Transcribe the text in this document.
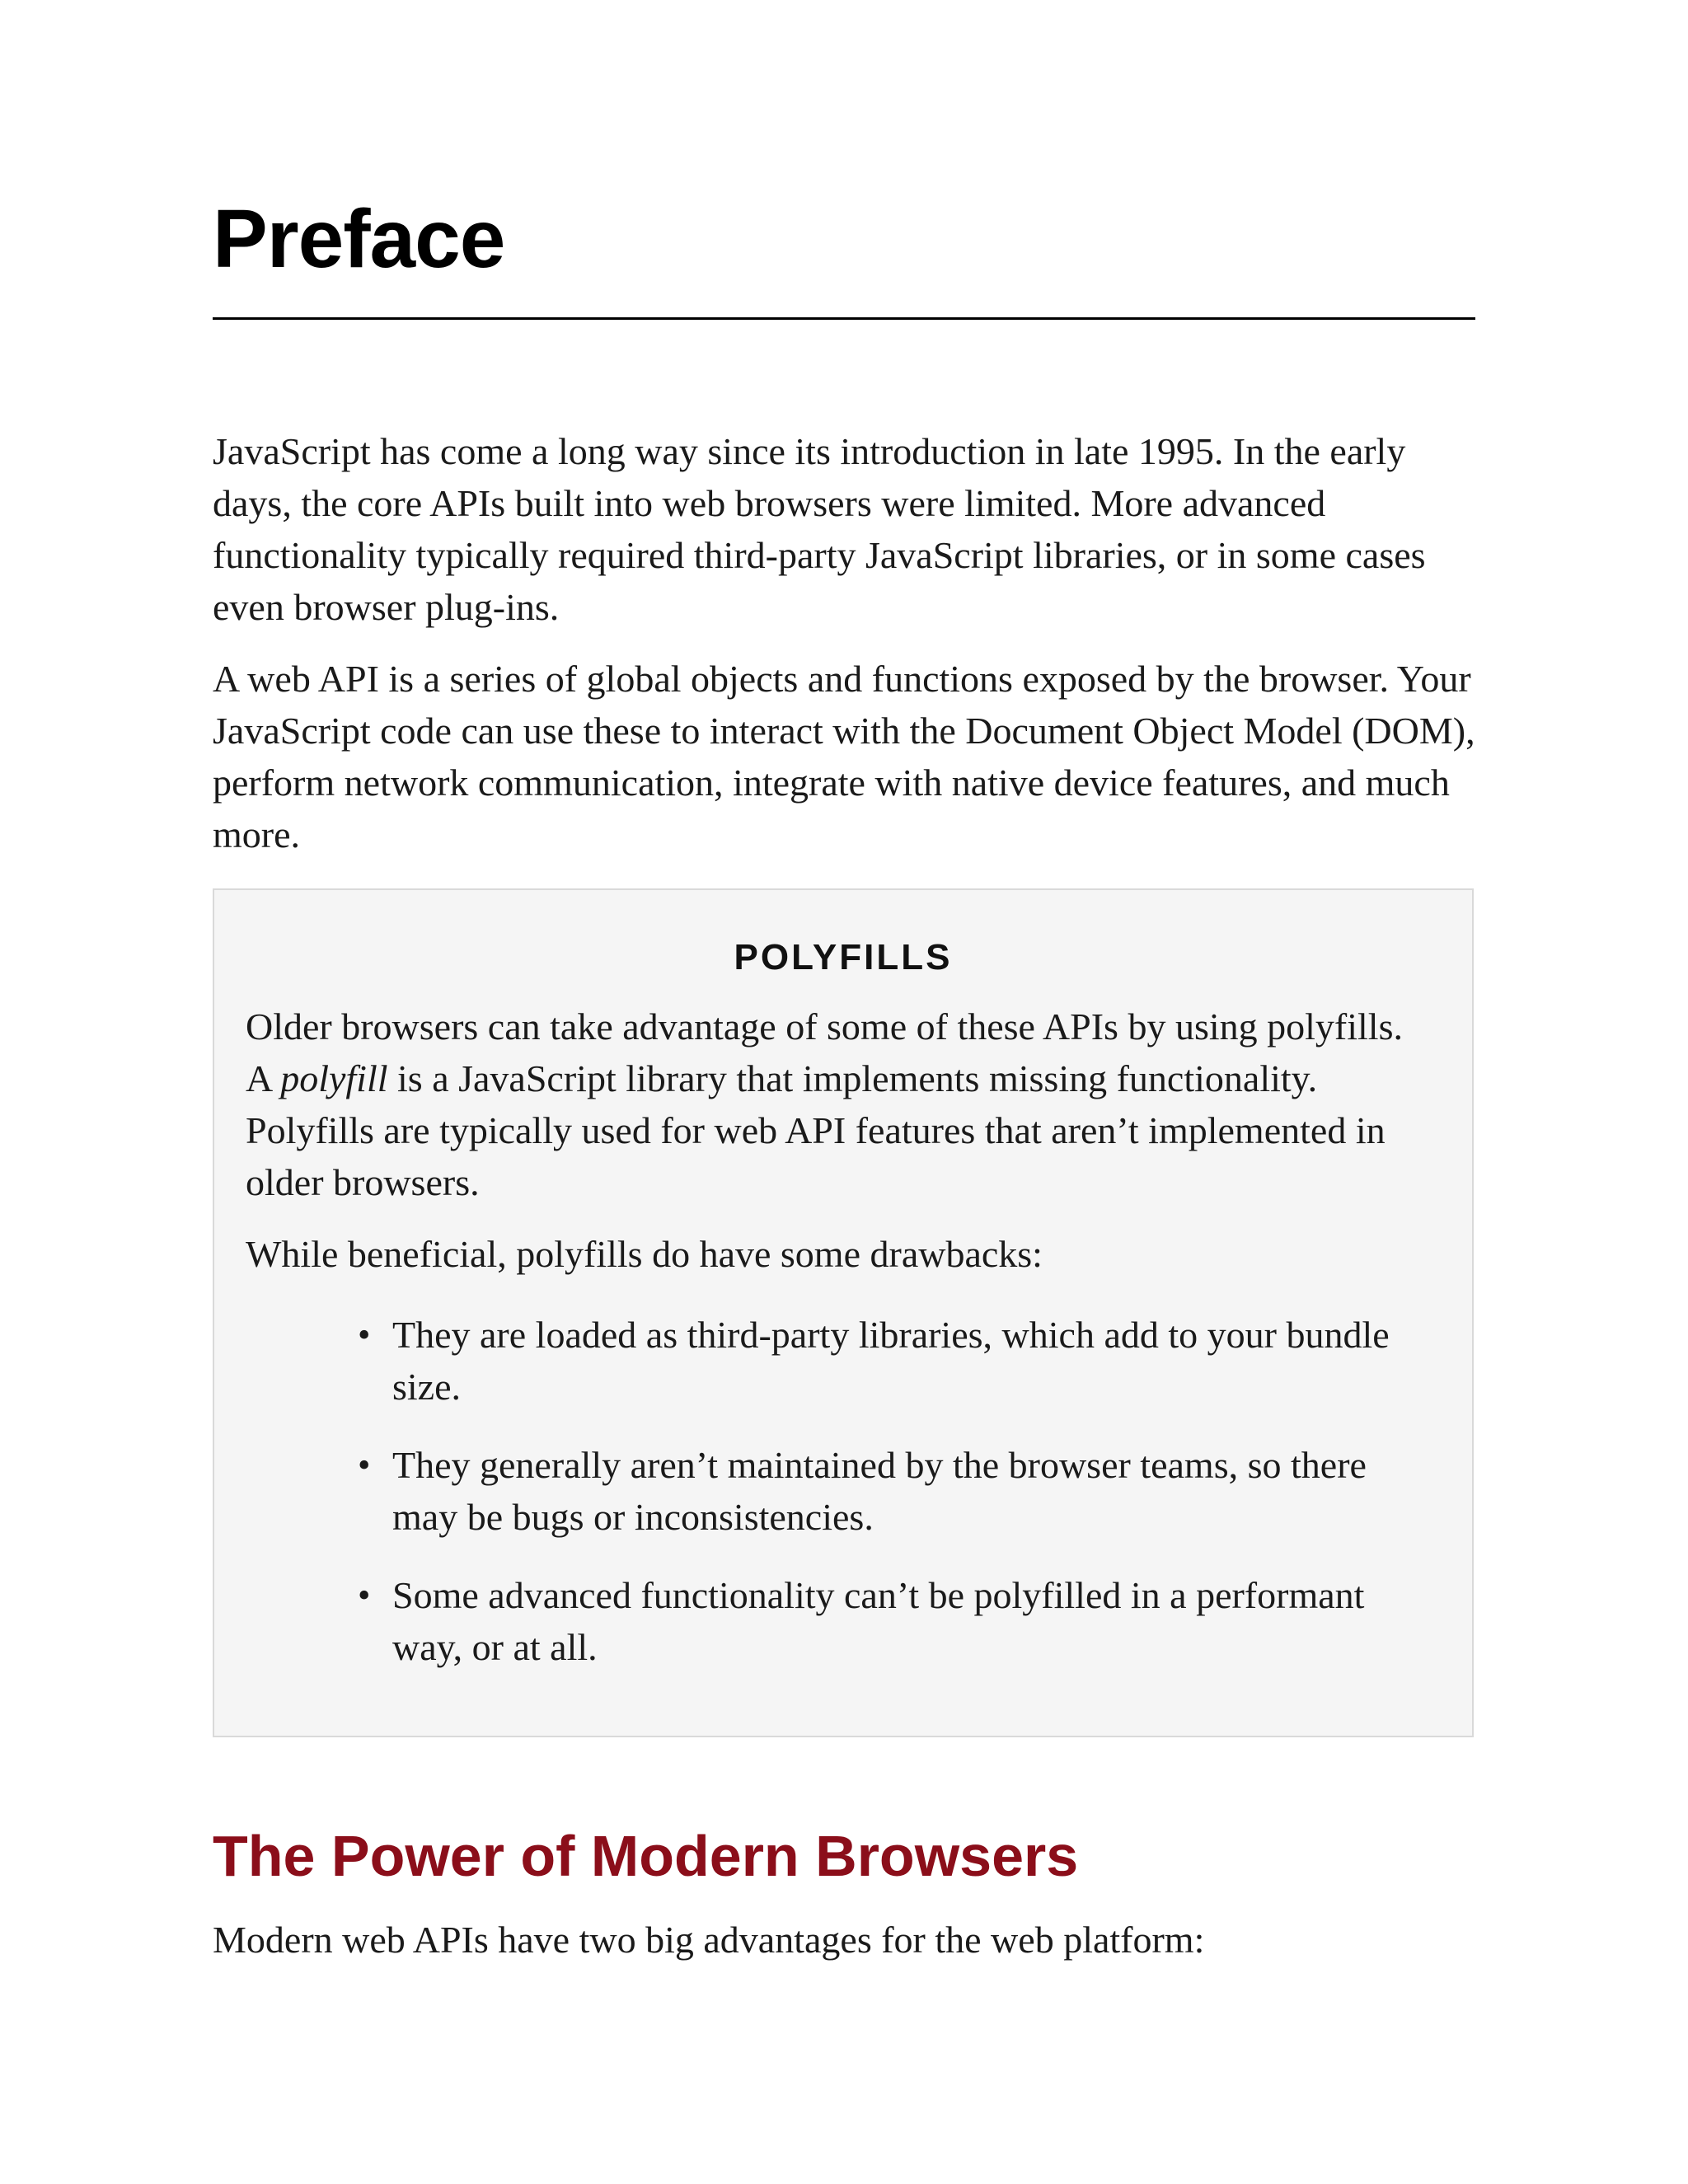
Preface

JavaScript has come a long way since its introduction in late 1995. In the early days, the core APIs built into web browsers were limited. More advanced functionality typically required third-party JavaScript libraries, or in some cases even browser plug-ins.

A web API is a series of global objects and functions exposed by the browser. Your JavaScript code can use these to interact with the Document Object Model (DOM), perform network communication, integrate with native device features, and much more.

POLYFILLS

Older browsers can take advantage of some of these APIs by using polyfills. A polyfill is a JavaScript library that implements missing functionality. Polyfills are typically used for web API features that aren’t implemented in older browsers.

While beneficial, polyfills do have some drawbacks:

• They are loaded as third-party libraries, which add to your bundle size.
• They generally aren’t maintained by the browser teams, so there may be bugs or inconsistencies.
• Some advanced functionality can’t be polyfilled in a performant way, or at all.
The Power of Modern Browsers

Modern web APIs have two big advantages for the web platform:
